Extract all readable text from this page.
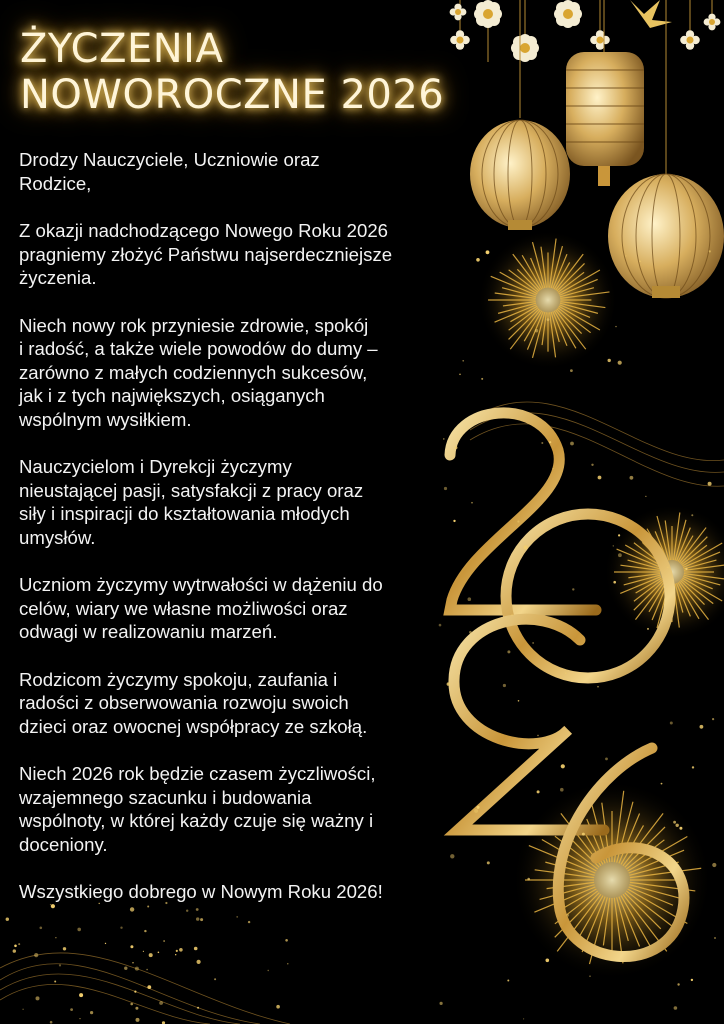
ŻYCZENIA
NOWOROCZNE 2026

Drodzy Nauczyciele, Uczniowie oraz
Rodzice,

Z okazji nadchodzącego Nowego Roku 2026
pragniemy złożyć Państwu najserdeczniejsze
życzenia.

Niech nowy rok przyniesie zdrowie, spokój
i radość, a także wiele powodów do dumy –
zarówno z małych codziennych sukcesów,
jak i z tych największych, osiąganych
wspólnym wysiłkiem.

Nauczycielom i Dyrekcji życzymy
nieustającej pasji, satysfakcji z pracy oraz
siły i inspiracji do kształtowania młodych
umysłów.

Uczniom życzymy wytrwałości w dążeniu do
celów, wiary we własne możliwości oraz
odwagi w realizowaniu marzeń.

Rodzicom życzymy spokoju, zaufania i
radości z obserwowania rozwoju swoich
dzieci oraz owocnej współpracy ze szkołą.

Niech 2026 rok będzie czasem życzliwości,
wzajemnego szacunku i budowania
wspólnoty, w której każdy czuje się ważny i
doceniony.

Wszystkiego dobrego w Nowym Roku 2026!
